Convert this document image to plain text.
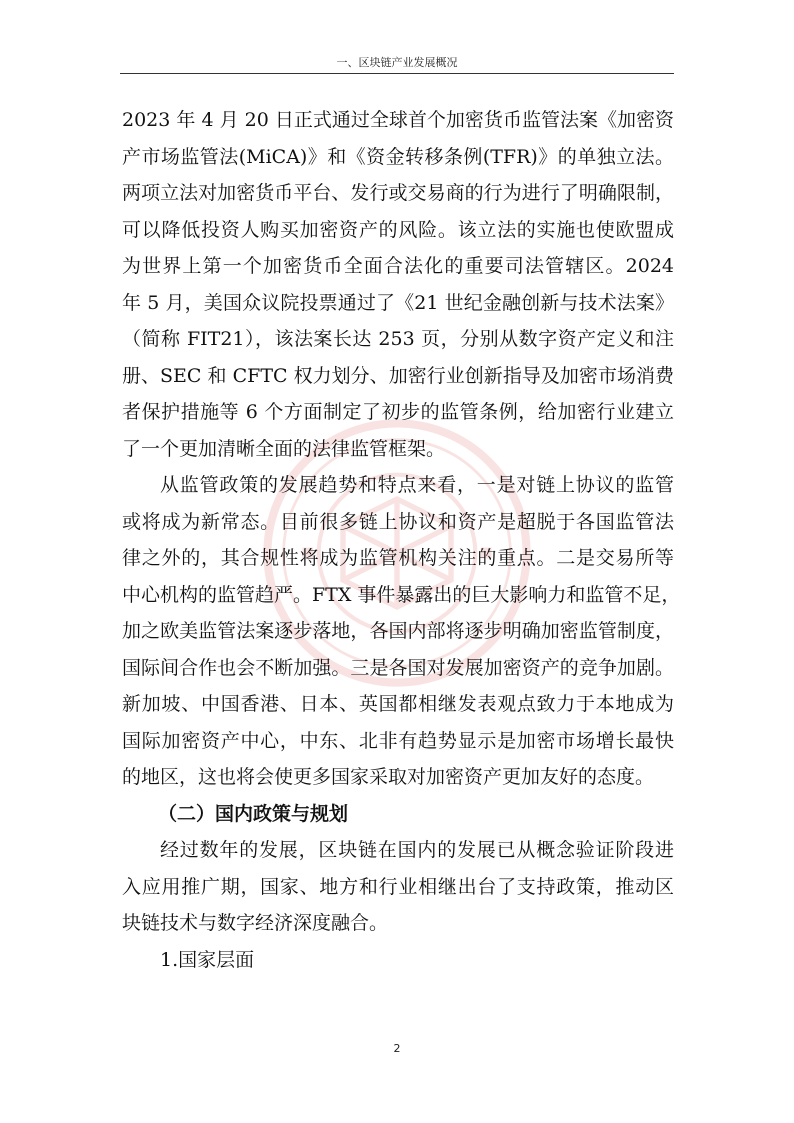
一、区块链产业发展概况
2023 年 4 月 20 日正式通过全球首个加密货币监管法案《加密资
产市场监管法(MiCA)》和《资金转移条例(TFR)》的单独立法。
两项立法对加密货币平台、发行或交易商的行为进行了明确限制，
可以降低投资人购买加密资产的风险。该立法的实施也使欧盟成
为世界上第一个加密货币全面合法化的重要司法管辖区。2024
年 5 月，美国众议院投票通过了《21 世纪金融创新与技术法案》
（简称 FIT21），该法案长达 253 页，分别从数字资产定义和注
册、SEC 和 CFTC 权力划分、加密行业创新指导及加密市场消费
者保护措施等 6 个方面制定了初步的监管条例，给加密行业建立
了一个更加清晰全面的法律监管框架。
从监管政策的发展趋势和特点来看，一是对链上协议的监管
或将成为新常态。目前很多链上协议和资产是超脱于各国监管法
律之外的，其合规性将成为监管机构关注的重点。二是交易所等
中心机构的监管趋严。FTX 事件暴露出的巨大影响力和监管不足，
加之欧美监管法案逐步落地，各国内部将逐步明确加密监管制度，
国际间合作也会不断加强。三是各国对发展加密资产的竞争加剧。
新加坡、中国香港、日本、英国都相继发表观点致力于本地成为
国际加密资产中心，中东、北非有趋势显示是加密市场增长最快
的地区，这也将会使更多国家采取对加密资产更加友好的态度。
（二）国内政策与规划
经过数年的发展，区块链在国内的发展已从概念验证阶段进
入应用推广期，国家、地方和行业相继出台了支持政策，推动区
块链技术与数字经济深度融合。
1.国家层面
2
